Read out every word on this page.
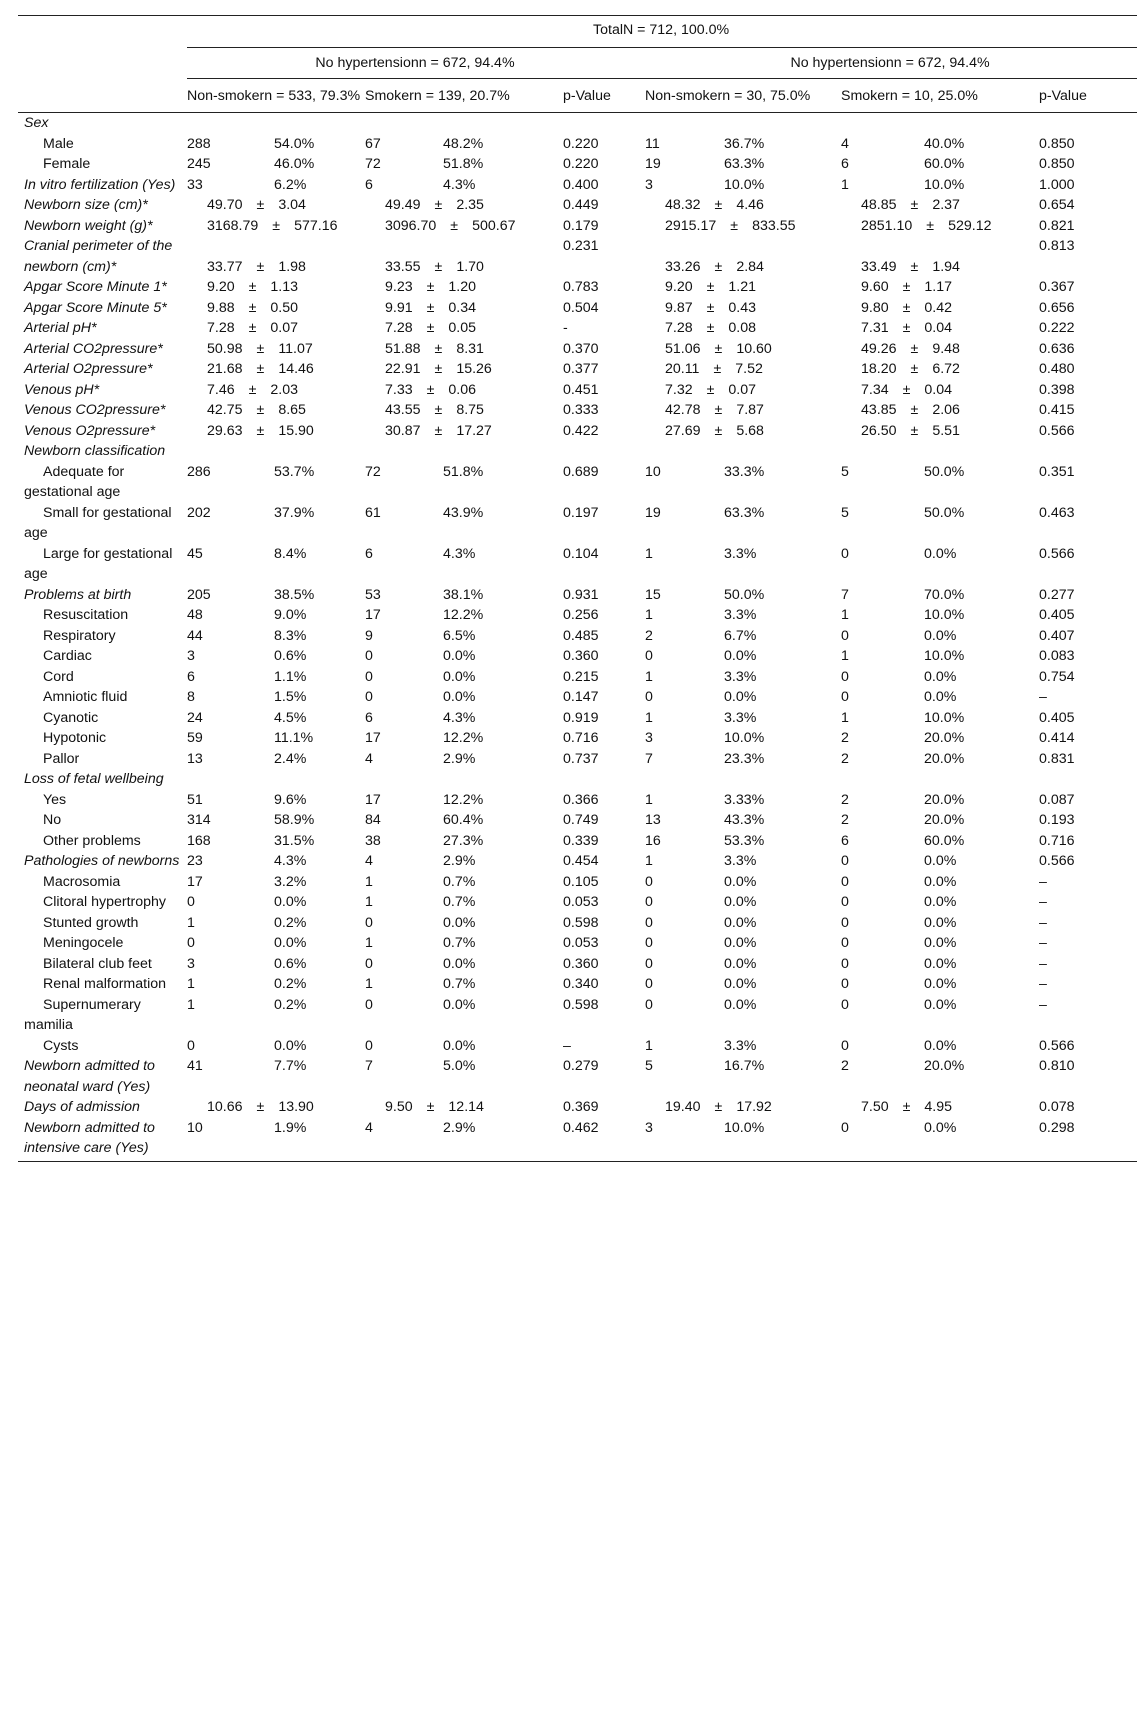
	TotalN = 712, 100.0%									
	No hypertensionn = 672, 94.4%					No hypertensionn = 672, 94.4%				
	Non-smokern = 533, 79.3%		Smokern = 139, 20.7%		p-Value	Non-smokern = 30, 75.0%		Smokern = 10, 25.0%		p-Value
Sex										
Male	288	54.0%	67	48.2%	0.220	11	36.7%	4	40.0%	0.850
Female	245	46.0%	72	51.8%	0.220	19	63.3%	6	60.0%	0.850
In vitro fertilization (Yes)	33	6.2%	6	4.3%	0.400	3	10.0%	1	10.0%	1.000
Newborn size (cm)*	49.70 ± 3.04		49.49 ± 2.35		0.449	48.32 ± 4.46		48.85 ± 2.37		0.654
Newborn weight (g)*	3168.79 ± 577.16		3096.70 ± 500.67		0.179	2915.17 ± 833.55		2851.10 ± 529.12		0.821
Cranial perimeter of the newborn (cm)*	33.77 ± 1.98		33.55 ± 1.70		0.231	33.26 ± 2.84		33.49 ± 1.94		0.813
Apgar Score Minute 1*	9.20 ± 1.13		9.23 ± 1.20		0.783	9.20 ± 1.21		9.60 ± 1.17		0.367
Apgar Score Minute 5*	9.88 ± 0.50		9.91 ± 0.34		0.504	9.87 ± 0.43		9.80 ± 0.42		0.656
Arterial pH*	7.28 ± 0.07		7.28 ± 0.05		-	7.28 ± 0.08		7.31 ± 0.04		0.222
Arterial CO2pressure*	50.98 ± 11.07		51.88 ± 8.31		0.370	51.06 ± 10.60		49.26 ± 9.48		0.636
Arterial O2pressure*	21.68 ± 14.46		22.91 ± 15.26		0.377	20.11 ± 7.52		18.20 ± 6.72		0.480
Venous pH*	7.46 ± 2.03		7.33 ± 0.06		0.451	7.32 ± 0.07		7.34 ± 0.04		0.398
Venous CO2pressure*	42.75 ± 8.65		43.55 ± 8.75		0.333	42.78 ± 7.87		43.85 ± 2.06		0.415
Venous O2pressure*	29.63 ± 15.90		30.87 ± 17.27		0.422	27.69 ± 5.68		26.50 ± 5.51		0.566
Newborn classification										
Adequate for gestational age	286	53.7%	72	51.8%	0.689	10	33.3%	5	50.0%	0.351
Small for gestational age	202	37.9%	61	43.9%	0.197	19	63.3%	5	50.0%	0.463
Large for gestational age	45	8.4%	6	4.3%	0.104	1	3.3%	0	0.0%	0.566
Problems at birth	205	38.5%	53	38.1%	0.931	15	50.0%	7	70.0%	0.277
Resuscitation	48	9.0%	17	12.2%	0.256	1	3.3%	1	10.0%	0.405
Respiratory	44	8.3%	9	6.5%	0.485	2	6.7%	0	0.0%	0.407
Cardiac	3	0.6%	0	0.0%	0.360	0	0.0%	1	10.0%	0.083
Cord	6	1.1%	0	0.0%	0.215	1	3.3%	0	0.0%	0.754
Amniotic fluid	8	1.5%	0	0.0%	0.147	0	0.0%	0	0.0%	–
Cyanotic	24	4.5%	6	4.3%	0.919	1	3.3%	1	10.0%	0.405
Hypotonic	59	11.1%	17	12.2%	0.716	3	10.0%	2	20.0%	0.414
Pallor	13	2.4%	4	2.9%	0.737	7	23.3%	2	20.0%	0.831
Loss of fetal wellbeing										
Yes	51	9.6%	17	12.2%	0.366	1	3.33%	2	20.0%	0.087
No	314	58.9%	84	60.4%	0.749	13	43.3%	2	20.0%	0.193
Other problems	168	31.5%	38	27.3%	0.339	16	53.3%	6	60.0%	0.716
Pathologies of newborns	23	4.3%	4	2.9%	0.454	1	3.3%	0	0.0%	0.566
Macrosomia	17	3.2%	1	0.7%	0.105	0	0.0%	0	0.0%	–
Clitoral hypertrophy	0	0.0%	1	0.7%	0.053	0	0.0%	0	0.0%	–
Stunted growth	1	0.2%	0	0.0%	0.598	0	0.0%	0	0.0%	–
Meningocele	0	0.0%	1	0.7%	0.053	0	0.0%	0	0.0%	–
Bilateral club feet	3	0.6%	0	0.0%	0.360	0	0.0%	0	0.0%	–
Renal malformation	1	0.2%	1	0.7%	0.340	0	0.0%	0	0.0%	–
Supernumerary mamilia	1	0.2%	0	0.0%	0.598	0	0.0%	0	0.0%	–
Cysts	0	0.0%	0	0.0%	–	1	3.3%	0	0.0%	0.566
Newborn admitted to neonatal ward (Yes)	41	7.7%	7	5.0%	0.279	5	16.7%	2	20.0%	0.810
Days of admission	10.66 ± 13.90		9.50 ± 12.14		0.369	19.40 ± 17.92		7.50 ± 4.95		0.078
Newborn admitted to intensive care (Yes)	10	1.9%	4	2.9%	0.462	3	10.0%	0	0.0%	0.298
